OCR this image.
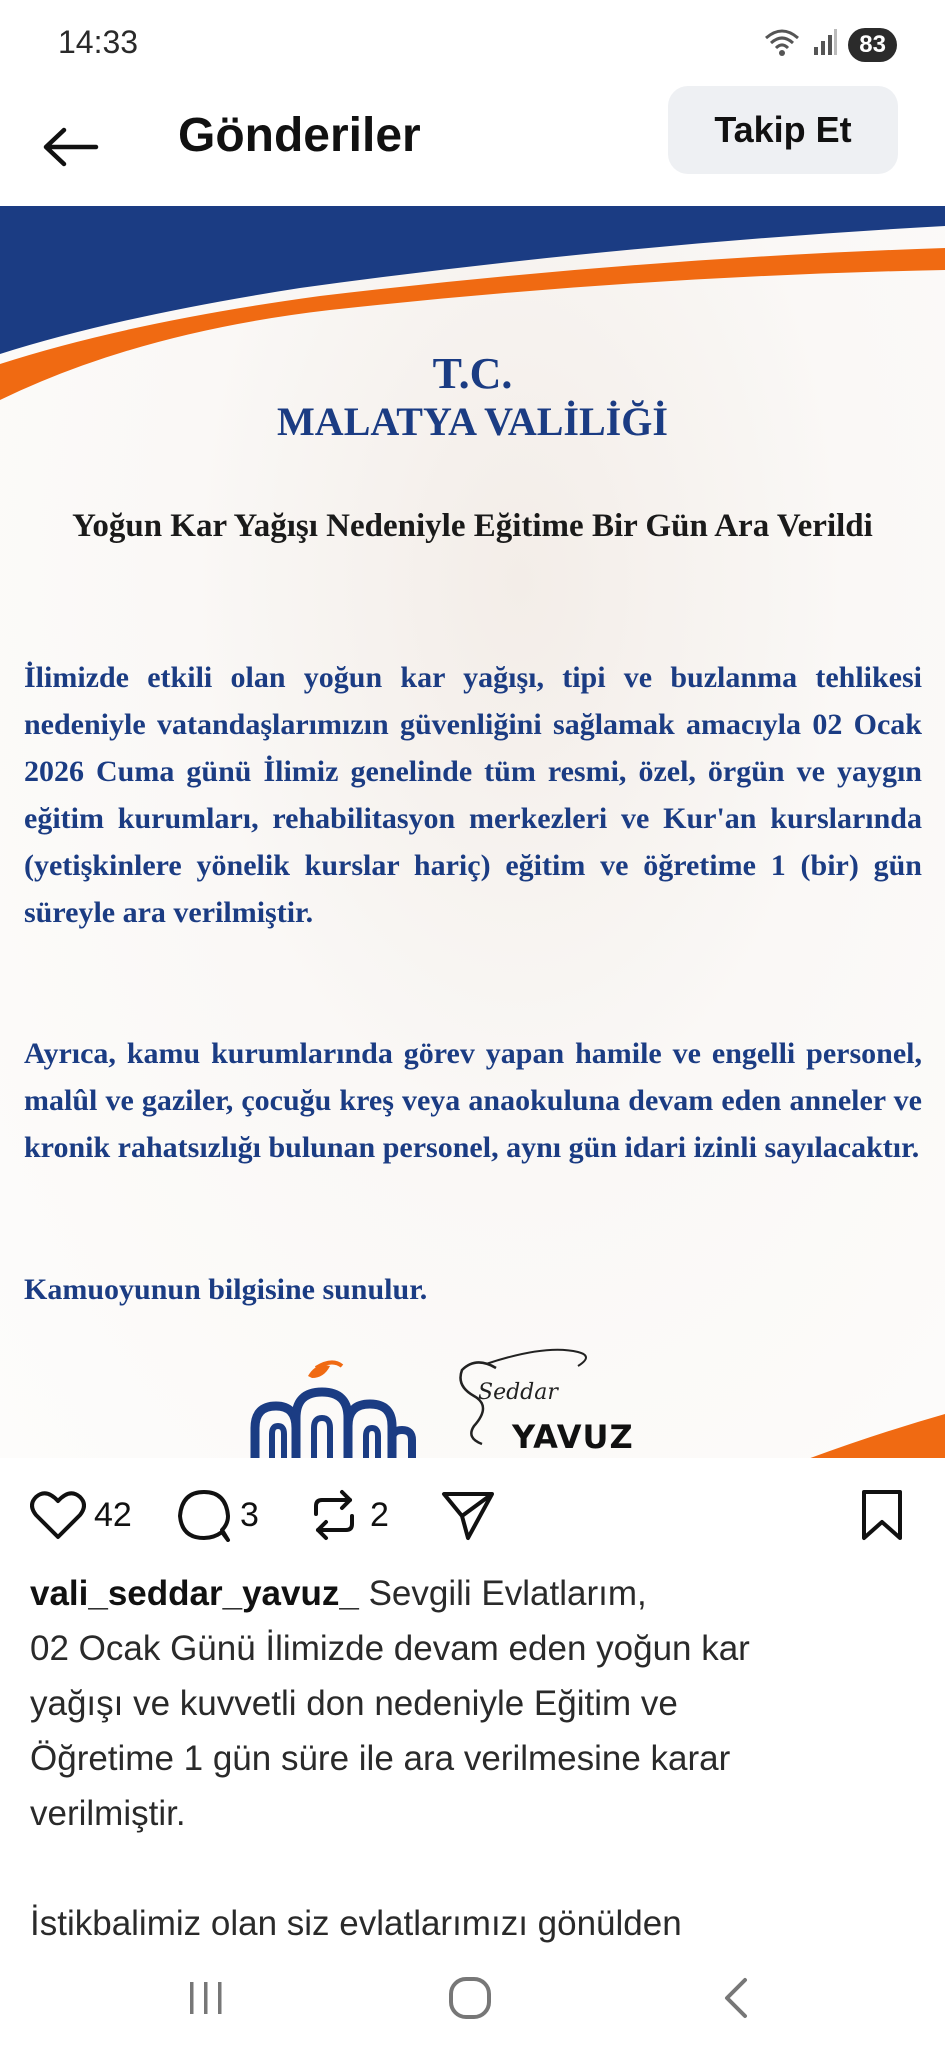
14:33	83
Gönderiler	Takip Et
T.C.
MALATYA VALİLİĞİ
Yoğun Kar Yağışı Nedeniyle Eğitime Bir Gün Ara Verildi
İlimizde etkili olan yoğun kar yağışı, tipi ve buzlanma tehlikesi nedeniyle vatandaşlarımızın güvenliğini sağlamak amacıyla 02 Ocak 2026 Cuma günü İlimiz genelinde tüm resmi, özel, örgün ve yaygın eğitim kurumları, rehabilitasyon merkezleri ve Kur'an kurslarında (yetişkinlere yönelik kurslar hariç) eğitim ve öğretime 1 (bir) gün süreyle ara verilmiştir.
Ayrıca, kamu kurumlarında görev yapan hamile ve engelli personel, malûl ve gaziler, çocuğu kreş veya anaokuluna devam eden anneler ve kronik rahatsızlığı bulunan personel, aynı gün idari izinli sayılacaktır.
Kamuoyunun bilgisine sunulur.
Seddar
YAVUZ
42	3	2

vali_seddar_yavuz_ Sevgili Evlatlarım,

02 Ocak Günü İlimizde devam eden yoğun kar

yağışı ve kuvvetli don nedeniyle Eğitim ve

Öğretime 1 gün süre ile ara verilmesine karar

verilmiştir.

İstikbalimiz olan siz evlatlarımızı gönülden
